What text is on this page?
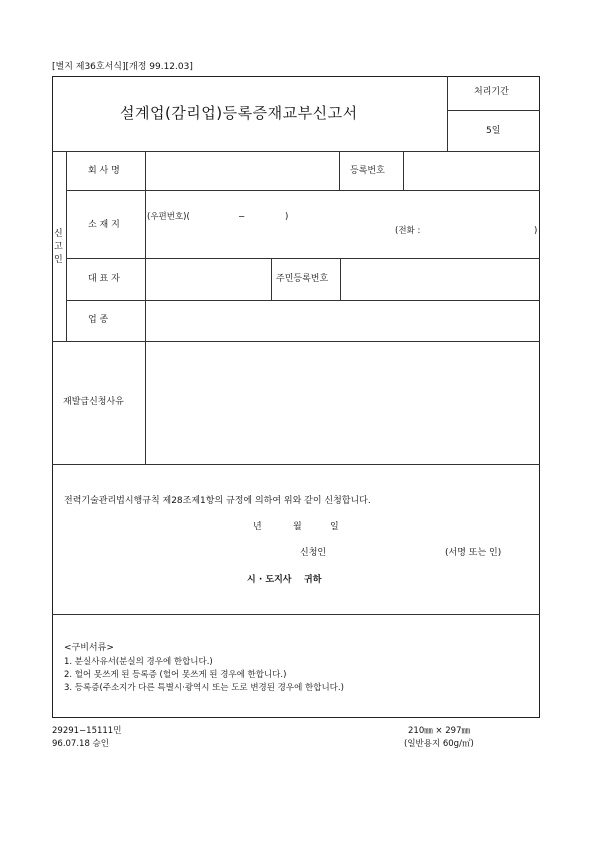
[별지 제36호서식][개정 99.12.03]
설계업(감리업)등록증재교부신고서
처리기간
5일
신
고
인
회 사 명	등록번호
소 재 지
(우편번호)(	−	)
(전화 :	)
대 표 자	주민등록번호
업 종
재발급신청사유
전력기술관리법시행규칙 제28조제1항의 규정에 의하여 위와 같이 신청합니다.
년	월	일
신청인	(서명 또는 인)
시 · 도지사    귀하
<구비서류>
1. 분실사유서(분실의 경우에 한합니다.)
2. 헐어 못쓰게 된 등록증 (헐어 못쓰게 된 경우에 한합니다.)
3. 등록증(주소지가 다른 특별시·광역시 또는 도로 변경된 경우에 한합니다.)
29291−15111민
96.07.18 승인
210㎜ × 297㎜
(일반용지 60g/㎡)
